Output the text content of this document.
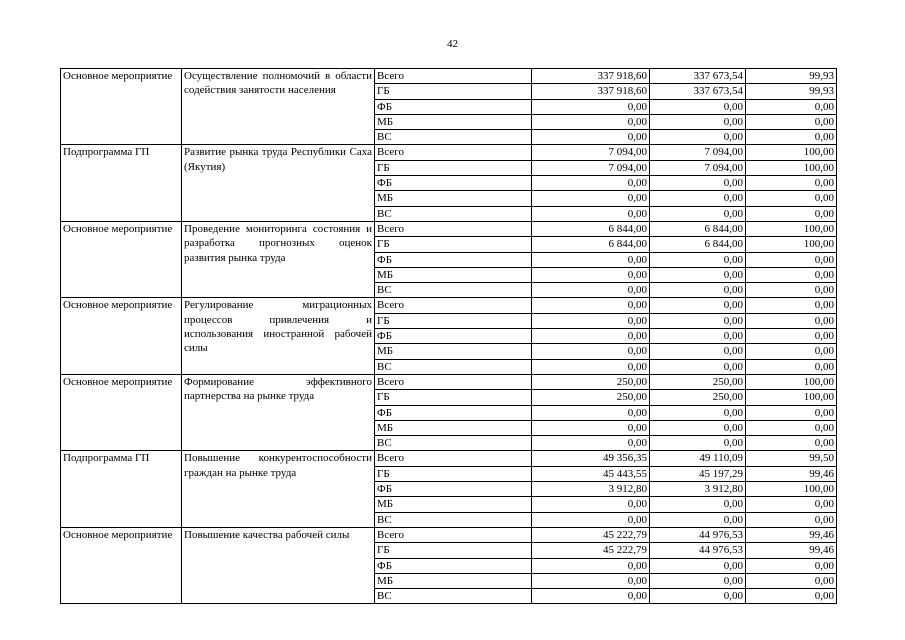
42
Основное мероприятие	Осуществление полномочий в области содействия занятости населения	Всего	337 918,60	337 673,54	99,93
		ГБ	337 918,60	337 673,54	99,93
		ФБ	0,00	0,00	0,00
		МБ	0,00	0,00	0,00
		ВС	0,00	0,00	0,00
Подпрограмма ГП	Развитие рынка труда Республики Саха (Якутия)	Всего	7 094,00	7 094,00	100,00
		ГБ	7 094,00	7 094,00	100,00
		ФБ	0,00	0,00	0,00
		МБ	0,00	0,00	0,00
		ВС	0,00	0,00	0,00
Основное мероприятие	Проведение мониторинга состояния и разработка прогнозных оценок развития рынка труда	Всего	6 844,00	6 844,00	100,00
		ГБ	6 844,00	6 844,00	100,00
		ФБ	0,00	0,00	0,00
		МБ	0,00	0,00	0,00
		ВС	0,00	0,00	0,00
Основное мероприятие	Регулирование миграционных процессов привлечения и использования иностранной рабочей силы	Всего	0,00	0,00	0,00
		ГБ	0,00	0,00	0,00
		ФБ	0,00	0,00	0,00
		МБ	0,00	0,00	0,00
		ВС	0,00	0,00	0,00
Основное мероприятие	Формирование эффективного партнерства на рынке труда	Всего	250,00	250,00	100,00
		ГБ	250,00	250,00	100,00
		ФБ	0,00	0,00	0,00
		МБ	0,00	0,00	0,00
		ВС	0,00	0,00	0,00
Подпрограмма ГП	Повышение конкурентоспособности граждан на рынке труда	Всего	49 356,35	49 110,09	99,50
		ГБ	45 443,55	45 197,29	99,46
		ФБ	3 912,80	3 912,80	100,00
		МБ	0,00	0,00	0,00
		ВС	0,00	0,00	0,00
Основное мероприятие	Повышение качества рабочей силы	Всего	45 222,79	44 976,53	99,46
		ГБ	45 222,79	44 976,53	99,46
		ФБ	0,00	0,00	0,00
		МБ	0,00	0,00	0,00
		ВС	0,00	0,00	0,00
